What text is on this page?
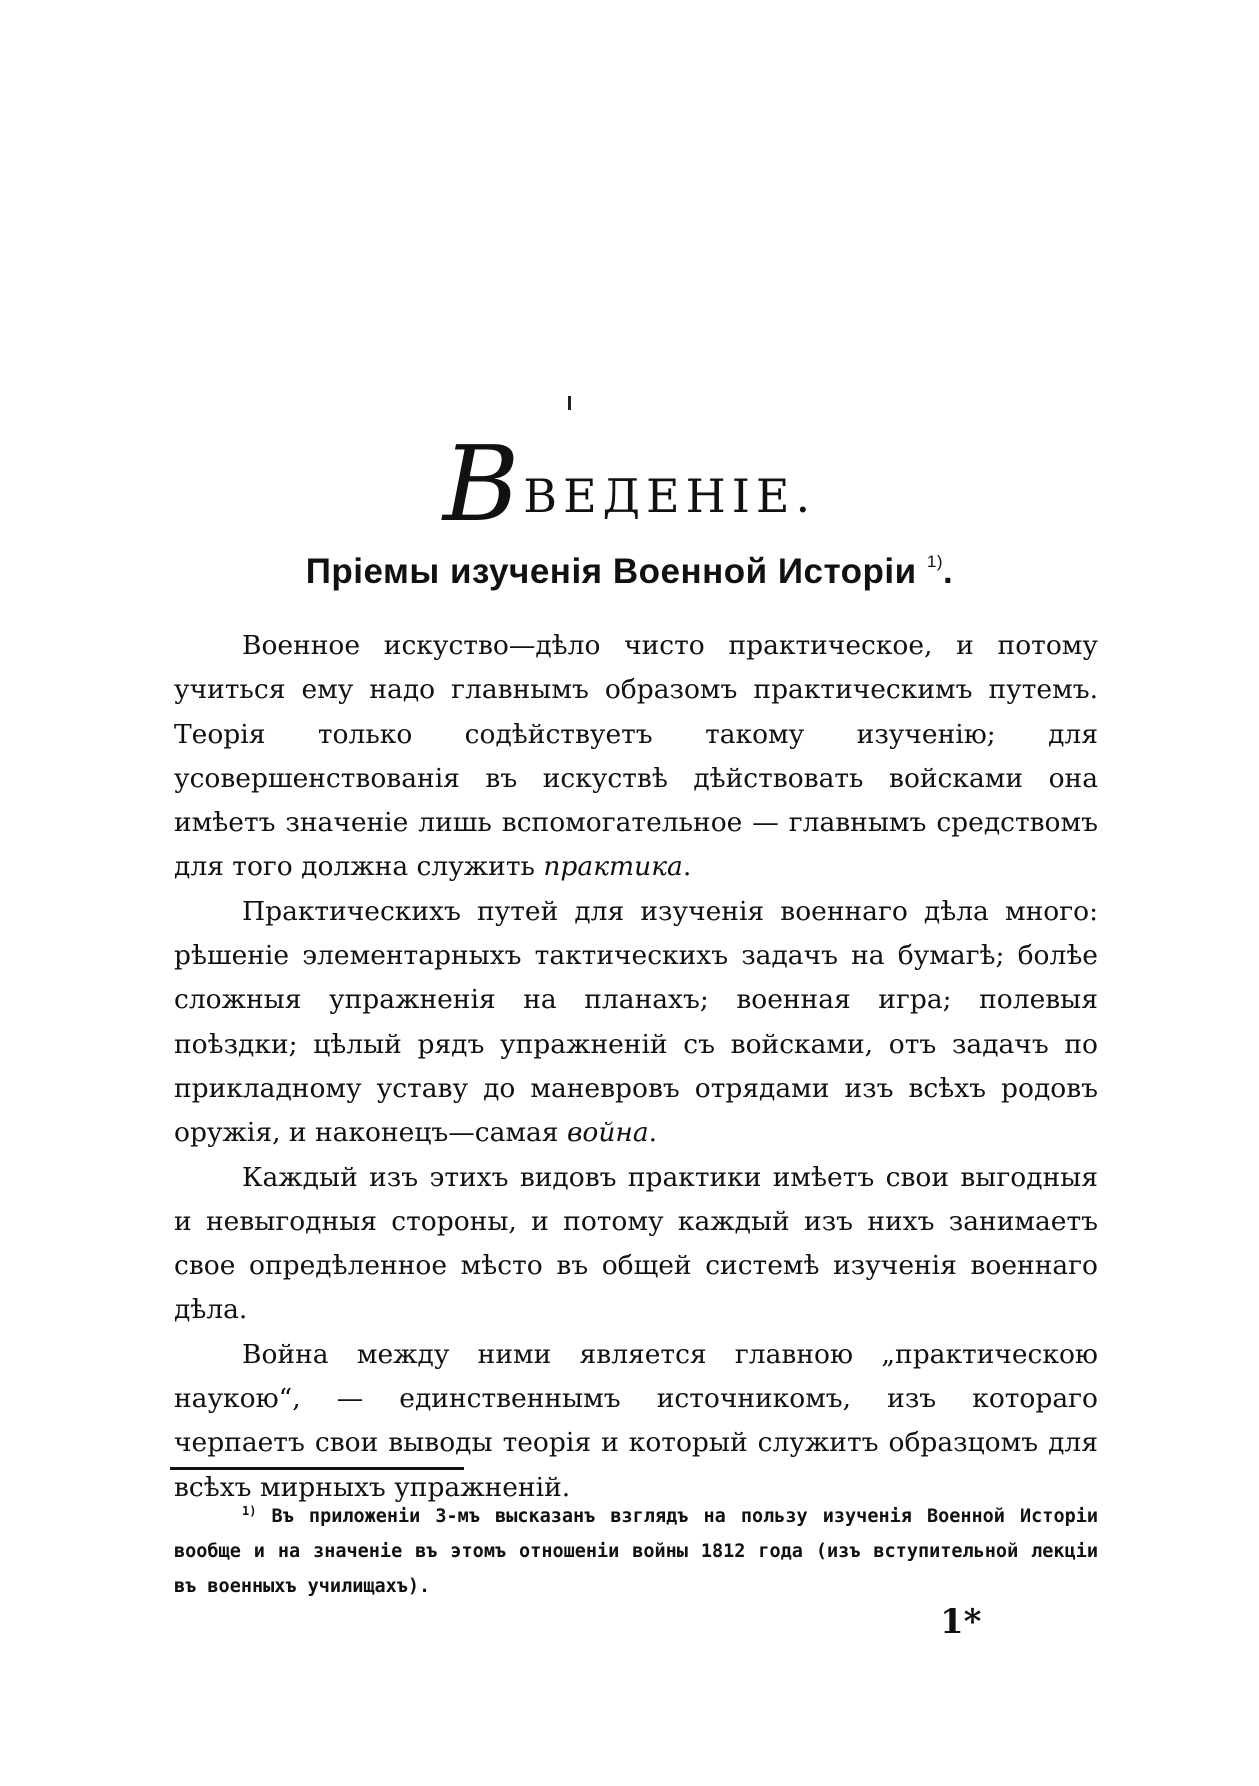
ВВЕДЕНІЕ.
Пріемы изученія Военной Исторіи $^{1)}$.

Военное искуство—дѣло чисто практическое, и потому учиться ему надо главнымъ образомъ практическимъ путемъ. Теорія только содѣйствуетъ такому изученію; для усовершенствованія въ искуствѣ дѣйствовать войсками она имѣетъ значеніе лишь вспомогательное — главнымъ средствомъ для того должна служить практика.

Практическихъ путей для изученія военнаго дѣла много: рѣшеніе элементарныхъ тактическихъ задачъ на бумагѣ; болѣе сложныя упражненія на планахъ; военная игра; полевыя поѣздки; цѣлый рядъ упражненій съ войсками, отъ задачъ по прикладному уставу до маневровъ отрядами изъ всѣхъ родовъ оружія, и наконецъ—самая война.

Каждый изъ этихъ видовъ практики имѣетъ свои выгодныя и невыгодныя стороны, и потому каждый изъ нихъ занимаетъ свое опредѣленное мѣсто въ общей системѣ изученія военнаго дѣла.

Война между ними является главною „практическою наукою“, — единственнымъ источникомъ, изъ котораго черпаетъ свои выводы теорія и который служитъ образцомъ для всѣхъ мирныхъ упражненій.

$^{1)}$ Въ приложеніи 3-мъ высказанъ взглядъ на пользу изученія Военной Исторіи вообще и на значеніе въ этомъ отношеніи войны 1812 года (изъ вступительной лекціи въ военныхъ училищахъ).

1*
